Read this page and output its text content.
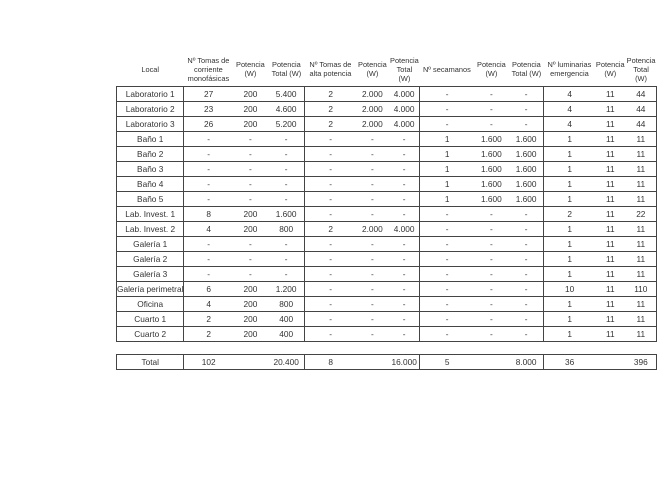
Local	Nº Tomas de corriente monofásicas	Potencia (W)	Potencia Total (W)	Nº Tomas de alta potencia	Potencia (W)	Potencia Total (W)	Nº secamanos	Potencia (W)	Potencia Total (W)	Nº luminarias emergencia	Potencia (W)	Potencia Total (W)
Laboratorio 1	27	200	5.400	2	2.000	4.000	-	-	-	4	11	44
Laboratorio 2	23	200	4.600	2	2.000	4.000	-	-	-	4	11	44
Laboratorio 3	26	200	5.200	2	2.000	4.000	-	-	-	4	11	44
Baño 1	-	-	-	-	-	-	1	1.600	1.600	1	11	11
Baño 2	-	-	-	-	-	-	1	1.600	1.600	1	11	11
Baño 3	-	-	-	-	-	-	1	1.600	1.600	1	11	11
Baño 4	-	-	-	-	-	-	1	1.600	1.600	1	11	11
Baño 5	-	-	-	-	-	-	1	1.600	1.600	1	11	11
Lab. Invest. 1	8	200	1.600	-	-	-	-	-	-	2	11	22
Lab. Invest. 2	4	200	800	2	2.000	4.000	-	-	-	1	11	11
Galería 1	-	-	-	-	-	-	-	-	-	1	11	11
Galería 2	-	-	-	-	-	-	-	-	-	1	11	11
Galería 3	-	-	-	-	-	-	-	-	-	1	11	11
Galería perimetral	6	200	1.200	-	-	-	-	-	-	10	11	110
Oficina	4	200	800	-	-	-	-	-	-	1	11	11
Cuarto 1	2	200	400	-	-	-	-	-	-	1	11	11
Cuarto 2	2	200	400	-	-	-	-	-	-	1	11	11

Total	102		20.400	8		16.000	5		8.000	36		396
